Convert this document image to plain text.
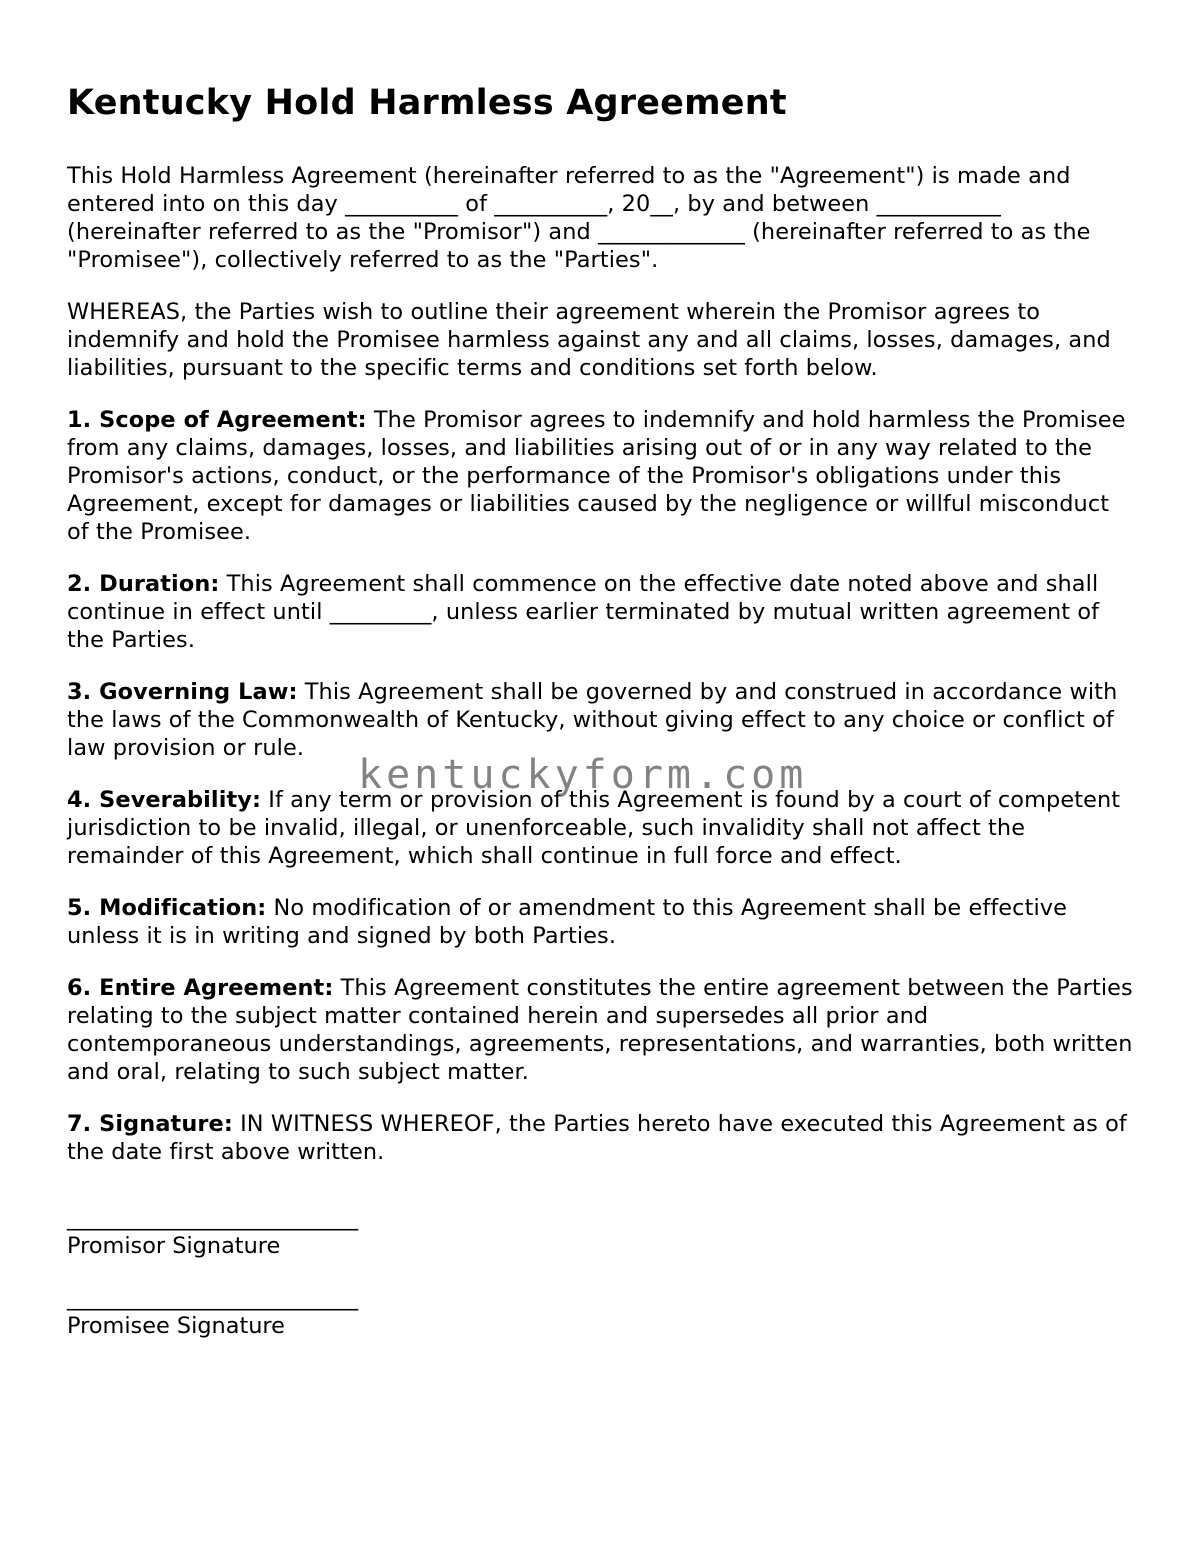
Kentucky Hold Harmless Agreement

This Hold Harmless Agreement (hereinafter referred to as the "Agreement") is made and entered into on this day __________ of __________, 20__, by and between ___________ (hereinafter referred to as the "Promisor") and _____________ (hereinafter referred to as the "Promisee"), collectively referred to as the "Parties".

WHEREAS, the Parties wish to outline their agreement wherein the Promisor agrees to indemnify and hold the Promisee harmless against any and all claims, losses, damages, and liabilities, pursuant to the specific terms and conditions set forth below.

1. Scope of Agreement: The Promisor agrees to indemnify and hold harmless the Promisee from any claims, damages, losses, and liabilities arising out of or in any way related to the Promisor's actions, conduct, or the performance of the Promisor's obligations under this Agreement, except for damages or liabilities caused by the negligence or willful misconduct of the Promisee.

2. Duration: This Agreement shall commence on the effective date noted above and shall continue in effect until _________, unless earlier terminated by mutual written agreement of the Parties.

3. Governing Law: This Agreement shall be governed by and construed in accordance with the laws of the Commonwealth of Kentucky, without giving effect to any choice or conflict of law provision or rule.

4. Severability: If any term or provision of this Agreement is found by a court of competent jurisdiction to be invalid, illegal, or unenforceable, such invalidity shall not affect the remainder of this Agreement, which shall continue in full force and effect.

5. Modification: No modification of or amendment to this Agreement shall be effective unless it is in writing and signed by both Parties.

6. Entire Agreement: This Agreement constitutes the entire agreement between the Parties relating to the subject matter contained herein and supersedes all prior and contemporaneous understandings, agreements, representations, and warranties, both written and oral, relating to such subject matter.

7. Signature: IN WITNESS WHEREOF, the Parties hereto have executed this Agreement as of the date first above written.

__________________________
Promisor Signature
__________________________
Promisee Signature
kentuckyform.com
